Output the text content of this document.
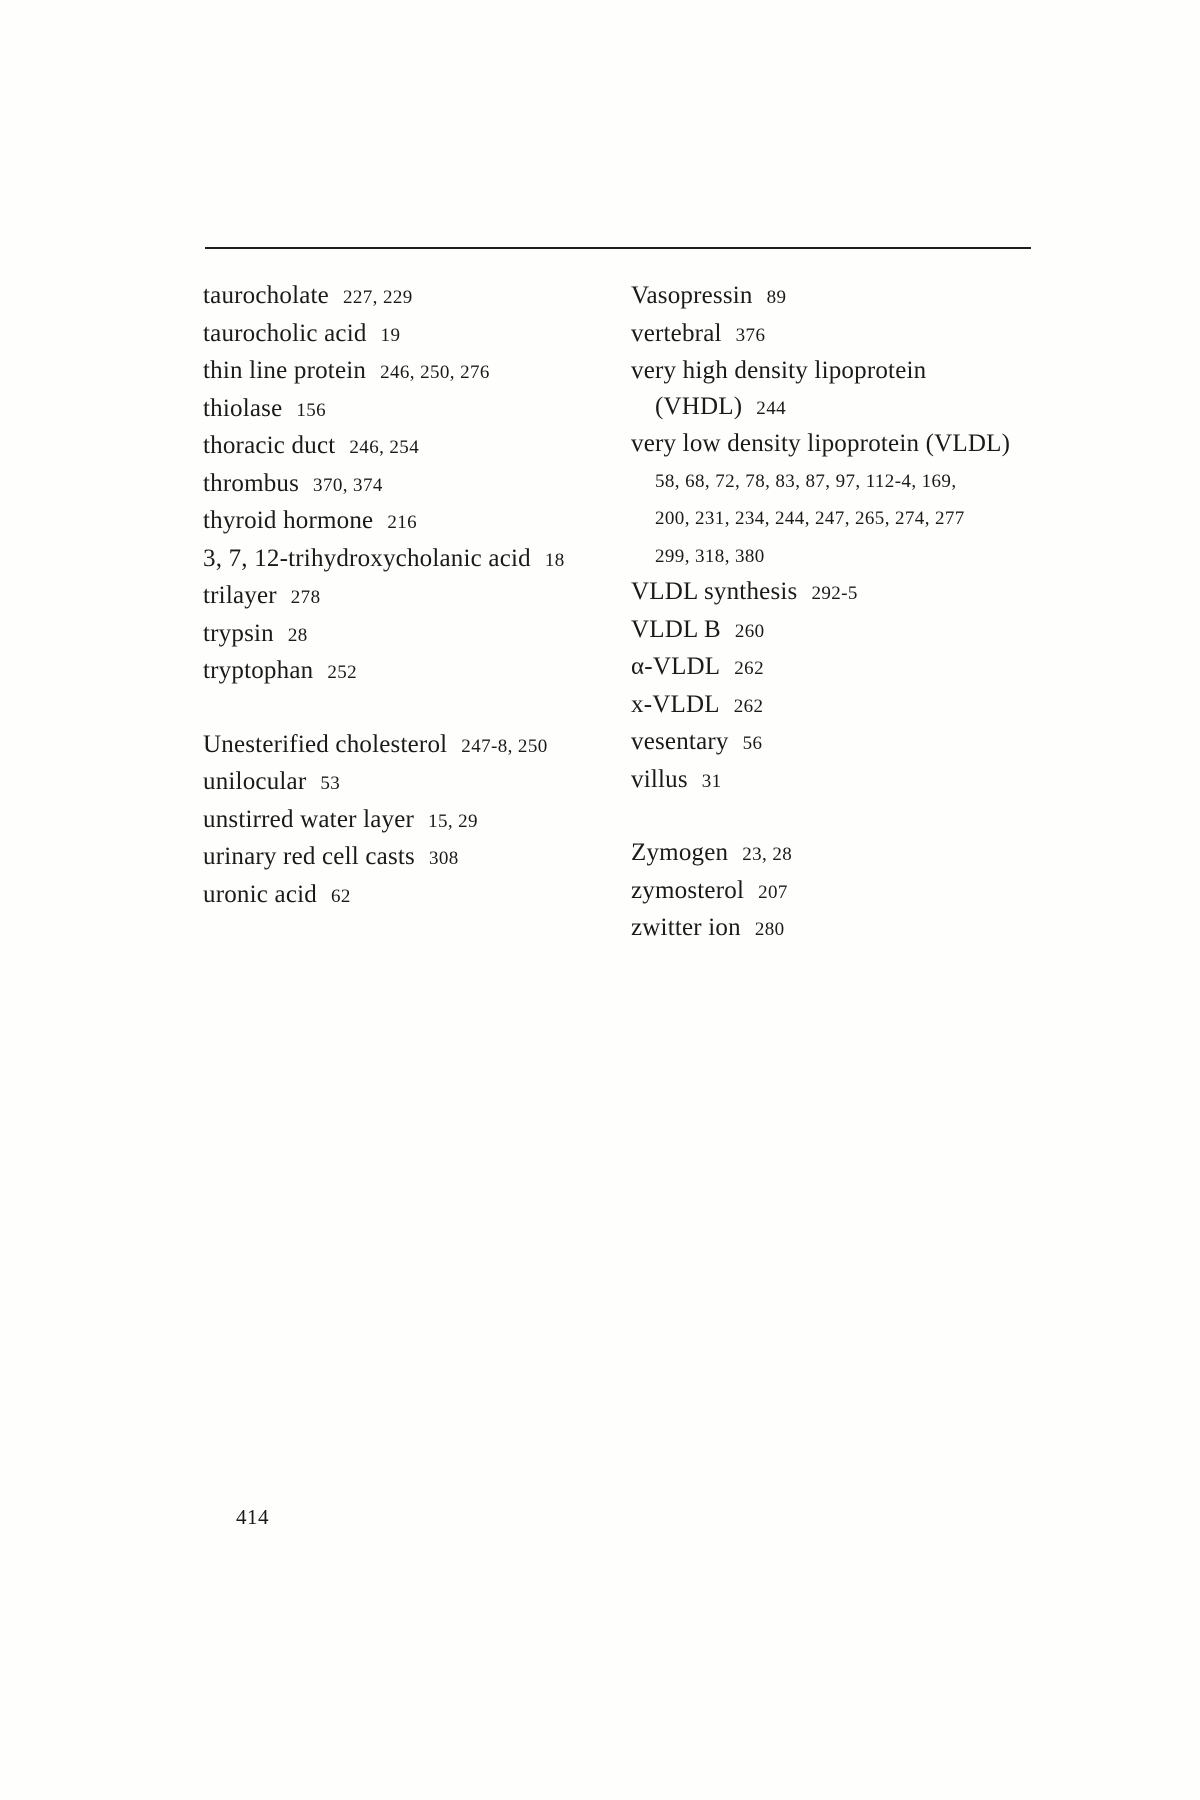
taurocholate 227, 229
taurocholic acid 19
thin line protein 246, 250, 276
thiolase 156
thoracic duct 246, 254
thrombus 370, 374
thyroid hormone 216
3, 7, 12-trihydroxycholanic acid 18
trilayer 278
trypsin 28
tryptophan 252
Unesterified cholesterol 247-8, 250
unilocular 53
unstirred water layer 15, 29
urinary red cell casts 308
uronic acid 62
Vasopressin 89
vertebral 376
very high density lipoprotein
(VHDL) 244
very low density lipoprotein (VLDL)
58, 68, 72, 78, 83, 87, 97, 112-4, 169,
200, 231, 234, 244, 247, 265, 274, 277
299, 318, 380
VLDL synthesis 292-5
VLDL B 260
α-VLDL 262
x-VLDL 262
vesentary 56
villus 31
Zymogen 23, 28
zymosterol 207
zwitter ion 280
414
